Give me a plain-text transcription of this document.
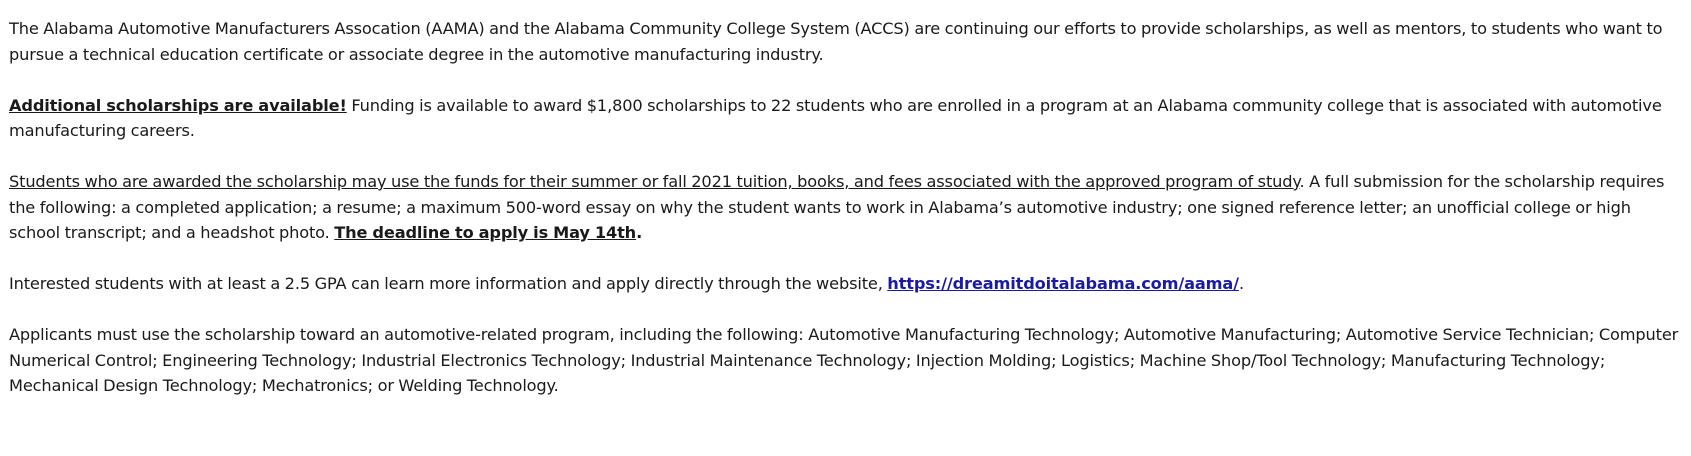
The Alabama Automotive Manufacturers Assocation (AAMA) and the Alabama Community College System (ACCS) are continuing our efforts to provide scholarships, as well as mentors, to students who want to pursue a technical education certificate or associate degree in the automotive manufacturing industry.

Additional scholarships are available! Funding is available to award $1,800 scholarships to 22 students who are enrolled in a program at an Alabama community college that is associated with automotive manufacturing careers.

Students who are awarded the scholarship may use the funds for their summer or fall 2021 tuition, books, and fees associated with the approved program of study. A full submission for the scholarship requires the following: a completed application; a resume; a maximum 500-word essay on why the student wants to work in Alabama’s automotive industry; one signed reference letter; an unofficial college or high school transcript; and a headshot photo. The deadline to apply is May 14th.

Interested students with at least a 2.5 GPA can learn more information and apply directly through the website, https://dreamitdoitalabama.com/aama/.

Applicants must use the scholarship toward an automotive-related program, including the following: Automotive Manufacturing Technology; Automotive Manufacturing; Automotive Service Technician; Computer Numerical Control; Engineering Technology; Industrial Electronics Technology; Industrial Maintenance Technology; Injection Molding; Logistics; Machine Shop/Tool Technology; Manufacturing Technology; Mechanical Design Technology; Mechatronics; or Welding Technology.
